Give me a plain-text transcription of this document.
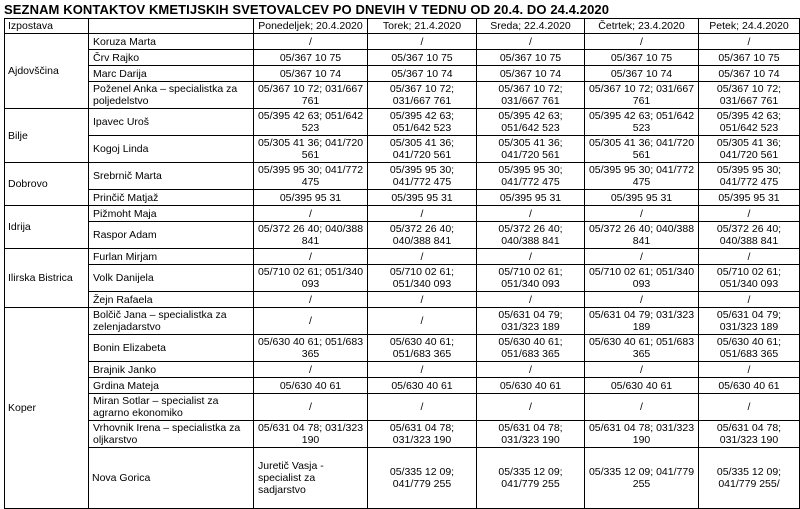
SEZNAM KONTAKTOV KMETIJSKIH SVETOVALCEV PO DNEVIH V TEDNU OD 20.4. DO 24.4.2020
Izpostava		Ponedeljek; 20.4.2020	Torek; 21.4.2020	Sreda; 22.4.2020	Četrtek; 23.4.2020	Petek; 24.4.2020	
Ajdovščina	Koruza Marta	/	/	/	/	/	
	Črv Rajko	05/367 10 75	05/367 10 75	05/367 10 75	05/367 10 75	05/367 10 75	
	Marc Darija	05/367 10 74	05/367 10 74	05/367 10 74	05/367 10 74	05/367 10 74	
	Poženel Anka – specialistka za poljedelstvo	05/367 10 72; 031/667 761	05/367 10 72; 031/667 761	05/367 10 72; 031/667 761	05/367 10 72; 031/667 761	05/367 10 72; 031/667 761	
Bilje	Ipavec Uroš	05/395 42 63; 051/642 523	05/395 42 63; 051/642 523	05/395 42 63; 051/642 523	05/395 42 63; 051/642 523	05/395 42 63; 051/642 523	
	Kogoj Linda	05/305 41 36; 041/720 561	05/305 41 36; 041/720 561	05/305 41 36; 041/720 561	05/305 41 36; 041/720 561	05/305 41 36; 041/720 561	
Dobrovo	Srebrnič Marta	05/395 95 30; 041/772 475	05/395 95 30; 041/772 475	05/395 95 30; 041/772 475	05/395 95 30; 041/772 475	05/395 95 30; 041/772 475	
	Prinčič Matjaž	05/395 95 31	05/395 95 31	05/395 95 31	05/395 95 31	05/395 95 31	
Idrija	Pižmoht Maja	/	/	/	/	/	
	Raspor Adam	05/372 26 40; 040/388 841	05/372 26 40; 040/388 841	05/372 26 40; 040/388 841	05/372 26 40; 040/388 841	05/372 26 40; 040/388 841	
Ilirska Bistrica	Furlan Mirjam	/	/	/	/	/	
	Volk Danijela	05/710 02 61; 051/340 093	05/710 02 61; 051/340 093	05/710 02 61; 051/340 093	05/710 02 61; 051/340 093	05/710 02 61; 051/340 093	
	Žejn Rafaela	/	/	/	/	/	
Koper	Bolčič Jana – specialistka za zelenjadarstvo	/	/	05/631 04 79; 031/323 189	05/631 04 79; 031/323 189	05/631 04 79; 031/323 189	
	Bonin Elizabeta	05/630 40 61; 051/683 365	05/630 40 61; 051/683 365	05/630 40 61; 051/683 365	05/630 40 61; 051/683 365	05/630 40 61; 051/683 365	
	Brajnik Janko	/	/	/	/	/	
	Grdina Mateja	05/630 40 61	05/630 40 61	05/630 40 61	05/630 40 61	05/630 40 61	
	Miran Sotlar – specialist za agrarno ekonomiko	/	/	/	/	/	
	Vrhovnik Irena – specialistka za oljkarstvo	05/631 04 78; 031/323 190	05/631 04 78; 031/323 190	05/631 04 78; 031/323 190	05/631 04 78; 031/323 190	05/631 04 78; 031/323 190	
	Nova Gorica	Juretič Vasja - specialist za sadjarstvo	05/335 12 09; 041/779 255	05/335 12 09; 041/779 255	05/335 12 09; 041/779 255	05/335 12 09; 041/779 255/	
